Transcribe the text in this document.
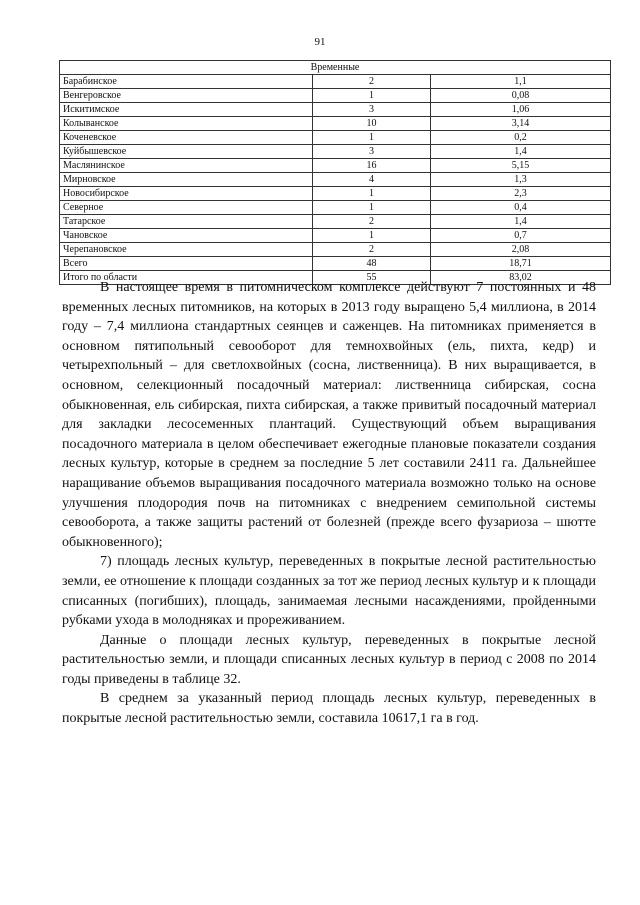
91
Временные
Барабинское	2	1,1
Венгеровское	1	0,08
Искитимское	3	1,06
Колыванское	10	3,14
Коченевское	1	0,2
Куйбышевское	3	1,4
Маслянинское	16	5,15
Мирновское	4	1,3
Новосибирское	1	2,3
Северное	1	0,4
Татарское	2	1,4
Чановское	1	0,7
Черепановское	2	2,08
Всего	48	18,71
Итого по области	55	83,02

В настоящее время в питомническом комплексе действуют 7 постоянных и 48 временных лесных питомников, на которых в 2013 году выращено 5,4 миллиона, в 2014 году – 7,4 миллиона стандартных сеянцев и саженцев. На питомниках применяется в основном пятипольный севооборот для темнохвойных (ель, пихта, кедр) и четырехпольный – для светлохвойных (сосна, лиственница). В них выращивается, в основном, селекционный посадочный материал: лиственница сибирская, сосна обыкновенная, ель сибирская, пихта сибирская, а также привитый посадочный материал для закладки лесосеменных плантаций. Существующий объем выращивания посадочного материала в целом обеспечивает ежегодные плановые показатели создания лесных культур, которые в среднем за последние 5 лет составили 2411 га. Дальнейшее наращивание объемов выращивания посадочного материала возможно только на основе улучшения плодородия почв на питомниках с внедрением семипольной системы севооборота, а также защиты растений от болезней (прежде всего фузариоза – шютте обыкновенного);

7) площадь лесных культур, переведенных в покрытые лесной растительностью земли, ее отношение к площади созданных за тот же период лесных культур и к площади списанных (погибших), площадь, занимаемая лесными насаждениями, пройденными рубками ухода в молодняках и прореживанием.

Данные о площади лесных культур, переведенных в покрытые лесной растительностью земли, и площади списанных лесных культур в период с 2008 по 2014 годы приведены в таблице 32.

В среднем за указанный период площадь лесных культур, переведенных в покрытые лесной растительностью земли, составила 10617,1 га в год.
